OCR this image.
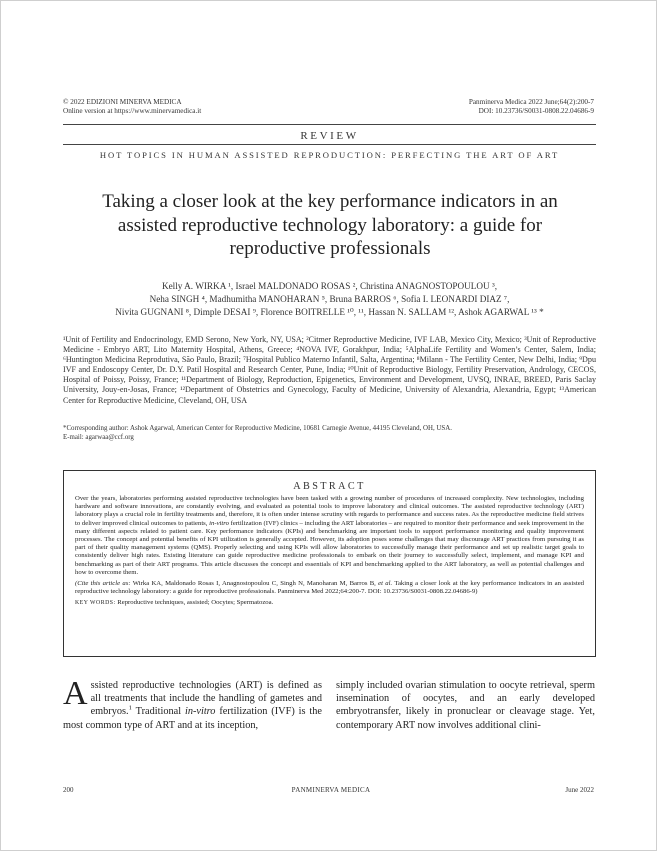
© 2022 EDIZIONI MINERVA MEDICA
Online version at https://www.minervamedica.it
Panminerva Medica 2022 June;64(2):200-7
DOI: 10.23736/S0031-0808.22.04686-9
REVIEW
HOT TOPICS IN HUMAN ASSISTED REPRODUCTION: PERFECTING THE ART OF ART
Taking a closer look at the key performance indicators in an assisted reproductive technology laboratory: a guide for reproductive professionals
Kelly A. WIRKA ¹, Israel MALDONADO ROSAS ², Christina ANAGNOSTOPOULOU ³,
Neha SINGH ⁴, Madhumitha MANOHARAN ⁵, Bruna BARROS ⁶, Sofia I. LEONARDI DIAZ ⁷,
Nivita GUGNANI ⁸, Dimple DESAI ⁹, Florence BOITRELLE ¹⁰, ¹¹, Hassan N. SALLAM ¹², Ashok AGARWAL ¹³ *
¹Unit of Fertility and Endocrinology, EMD Serono, New York, NY, USA; ²Citmer Reproductive Medicine, IVF LAB, Mexico City, Mexico; ³Unit of Reproductive Medicine - Embryo ART, Lito Maternity Hospital, Athens, Greece; ⁴NOVA IVF, Gorakhpur, India; ⁵AlphaLife Fertility and Women’s Center, Salem, India; ⁶Huntington Medicina Reprodutiva, São Paulo, Brazil; ⁷Hospital Publico Materno Infantil, Salta, Argentina; ⁸Milann - The Fertility Center, New Delhi, India; ⁹Dpu IVF and Endoscopy Center, Dr. D.Y. Patil Hospital and Research Center, Pune, India; ¹⁰Unit of Reproductive Biology, Fertility Preservation, Andrology, CECOS, Hospital of Poissy, Poissy, France; ¹¹Department of Biology, Reproduction, Epigenetics, Environment and Development, UVSQ, INRAE, BREED, Paris Saclay University, Jouy-en-Josas, France; ¹²Department of Obstetrics and Gynecology, Faculty of Medicine, University of Alexandria, Alexandria, Egypt; ¹³American Center for Reproductive Medicine, Cleveland, OH, USA
*Corresponding author: Ashok Agarwal, American Center for Reproductive Medicine, 10681 Carnegie Avenue, 44195 Cleveland, OH, USA.
E-mail: agarwaa@ccf.org
ABSTRACT

Over the years, laboratories performing assisted reproductive technologies have been tasked with a growing number of procedures of increased complexity. New technologies, including hardware and software innovations, are constantly evolving, and evaluated as potential tools to improve laboratory and clinical outcomes. The assisted reproductive technology (ART) laboratory plays a crucial role in fertility treatments and, therefore, it is often under intense scrutiny with regards to performance and success rates. As the reproductive medicine field strives to deliver improved clinical outcomes to patients, in-vitro fertilization (IVF) clinics – including the ART laboratories – are required to monitor their performance and seek improvement in the many different aspects related to patient care. Key performance indicators (KPIs) and benchmarking are important tools to support performance monitoring and quality improvement processes. The concept and potential benefits of KPI utilization is generally accepted. However, its adoption poses some challenges that may discourage ART practices from pursuing it as part of their quality management systems (QMS). Properly selecting and using KPIs will allow laboratories to successfully manage their performance and set up realistic target goals to consistently deliver high rates. Existing literature can guide reproductive medicine professionals to embark on their journey to successfully select, implement, and manage KPI and benchmarking as part of their ART programs. This article discusses the concept and essentials of KPI and benchmarking applied to the ART laboratory, as well as potential challenges and how to overcome them.

(Cite this article as: Wirka KA, Maldonado Rosas I, Anagnostopoulou C, Singh N, Manoharan M, Barros B, et al. Taking a closer look at the key performance indicators in an assisted reproductive technology laboratory: a guide for reproductive professionals. Panminerva Med 2022;64:200-7. DOI: 10.23736/S0031-0808.22.04686-9)

KEY WORDS: Reproductive techniques, assisted; Oocytes; Spermatozoa.

Assisted reproductive technologies (ART) is defined as all treatments that include the handling of gametes and embryos.$^1$ Traditional in-vitro fertilization (IVF) is the most common type of ART and at its inception,
simply included ovarian stimulation to oocyte retrieval, sperm insemination of oocytes, and an early developed embryotransfer, likely in pronuclear or cleavage stage. Yet, contemporary ART now involves additional clini-
200	PANMINERVA MEDICA	June 2022
